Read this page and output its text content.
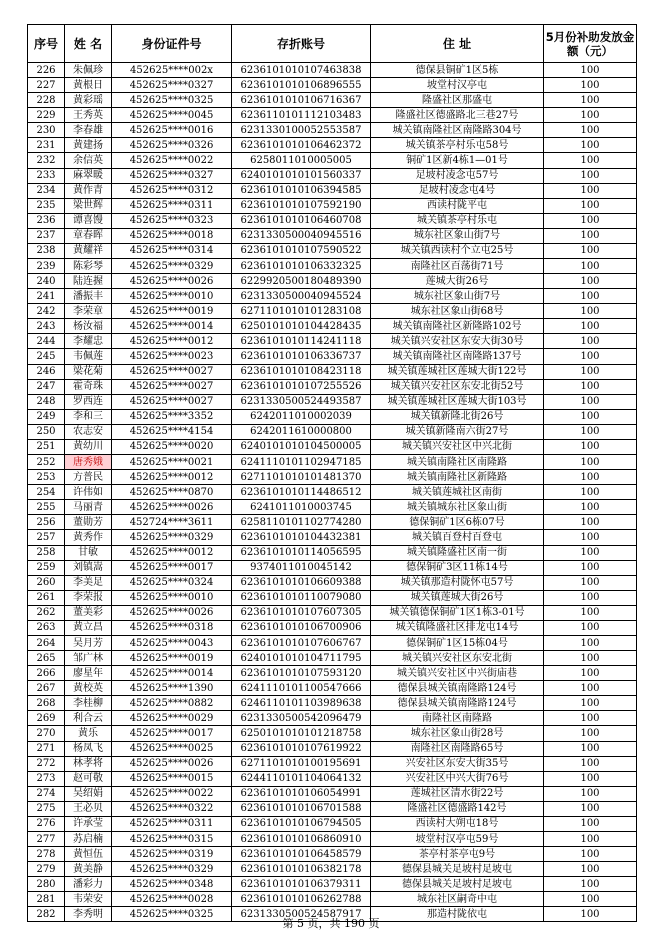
序号	姓 名	身份证件号	存折账号	住 址	5月份补助发放金额（元）
226	朱佩珍	452625****002x	6236101010107463838	德保县铜矿1区5栋	100
227	黄根日	452625****0327	6236101010106896555	坡堂村汉亭屯	100
228	黄彩瑶	452625****0325	6236101010106716367	隆盛社区那盛屯	100
229	王秀英	452625****0045	6236110101112103483	隆盛社区德盛路北三巷27号	100
230	李春雄	452625****0016	6231330100052553587	城关镇南隆社区南隆路304号	100
231	黄建扬	452625****0326	6236101010106462372	城关镇茶亭村乐屯58号	100
232	余信英	452625****0022	6258011010005005	铜矿1区新4栋1—01号	100
233	麻翠暖	452625****0327	6240101010101560337	足坡村凌念屯57号	100
234	黄作青	452625****0312	6236101010106394585	足坡村凌念屯4号	100
235	梁世辉	452625****0311	6236101010107592190	西读村陇平屯	100
236	谭喜馒	452625****0323	6236101010106460708	城关镇茶亭村乐屯	100
237	章春晖	452625****0018	6231330500040945516	城东社区象山街7号	100
238	黄耀祥	452625****0314	6236101010107590522	城关镇西读村个立屯25号	100
239	陈彩琴	452625****0329	6236101010106332325	南隆社区百荡街71号	100
240	陆连握	452625****0026	6229920500180489390	莲城大街26号	100
241	潘振丰	452625****0010	6231330500040945524	城东社区象山街7号	100
242	李荣章	452625****0019	6271101010101283108	城东社区象山街68号	100
243	杨汝福	452625****0014	6250101010104428435	城关镇南隆社区新隆路102号	100
244	李耀忠	452625****0012	6236101010114241118	城关镇兴安社区东安大街30号	100
245	韦佩莲	452625****0023	6236101010106336737	城关镇南隆社区南隆路137号	100
246	梁花菊	452625****0027	6236101010108423118	城关镇莲城社区莲城大街122号	100
247	霍奇珠	452625****0027	6236101010107255526	城关镇兴安社区东安北街52号	100
248	罗西连	452625****0027	6231330500524493587	城关镇莲城社区莲城大街103号	100
249	李和三	452625****3352	6242011010002039	城关镇新隆北街26号	100
250	农志安	452625****4154	6242011610000800	城关镇新隆南六街27号	100
251	黄幼川	452625****0020	6240101010104500005	城关镇兴安社区中兴北街	100
252	唐秀娥	452625****0021	6241110101102947185	城关镇南隆社区南隆路	100
253	方普民	452625****0012	6271101010101481370	城关镇南隆社区新隆路	100
254	许伟如	452625****0870	6236101010114486512	城关镇莲城社区南街	100
255	马丽青	452625****0026	6241011010003745	城关镇城东社区象山街	100
256	董勋芳	452724****3611	6258110101102774280	德保铜矿1区6栋07号	100
257	黄秀作	452625****0329	6236101010104432381	城关镇百登村百登屯	100
258	甘敏	452625****0012	6236101010114056595	城关镇隆盛社区南一街	100
259	刘镇嵩	452625****0017	9374011010045142	德保铜矿3区11栋14号	100
260	李美足	452625****0324	6236101010106609388	城关镇那造村陇怀屯57号	100
261	李荣报	452625****0010	6236101010110079080	城关镇莲城大街26号	100
262	董美彩	452625****0026	6236101010107607305	城关镇德保铜矿1区1栋3-01号	100
263	黄立昌	452625****0318	6236101010106700906	城关镇隆盛社区排龙屯14号	100
264	吴月芳	452625****0043	6236101010107606767	德保铜矿1区15栋04号	100
265	邹广林	452625****0019	6240101010104711795	城关镇兴安社区东安北街	100
266	廖星年	452625****0014	6236101010107593120	城关镇兴安社区中兴街庙巷	100
267	黄校英	452625****1390	6241110101100547666	德保县城关镇南隆路124号	100
268	李桂柳	452625****0882	6246110101103989638	德保县城关镇南隆路124号	100
269	利合云	452625****0029	6231330500542096479	南隆社区南隆路	100
270	黄乐	452625****0017	6250101010101218758	城东社区象山街28号	100
271	杨凤飞	452625****0025	6236101010107619922	南隆社区南隆路65号	100
272	林孝将	452625****0026	6271101010100195691	兴安社区东安大街35号	100
273	赵可敬	452625****0015	6244110101104064132	兴安社区中兴大街76号	100
274	吴绍娟	452625****0022	6236101010106054991	莲城社区清水街22号	100
275	王必贝	452625****0322	6236101010106701588	隆盛社区德盛路142号	100
276	许承莹	452625****0311	6236101010106794505	西读村大朔屯18号	100
277	苏启楠	452625****0315	6236101010106860910	坡堂村汉亭屯59号	100
278	黄恒伍	452625****0319	6236101010106458579	茶亭村茶亭屯9号	100
279	黄美静	452625****0329	6236101010106382178	德保县城关足坡村足坡屯	100
280	潘彩力	452625****0348	6236101010106379311	德保县城关足坡村足坡屯	100
281	韦荣安	452625****0028	6236101010106262788	城东社区嗣奇中屯	100
282	李秀明	452625****0325	6231330500524587917	那造村陇依屯	100
第 5 页，共 190 页
